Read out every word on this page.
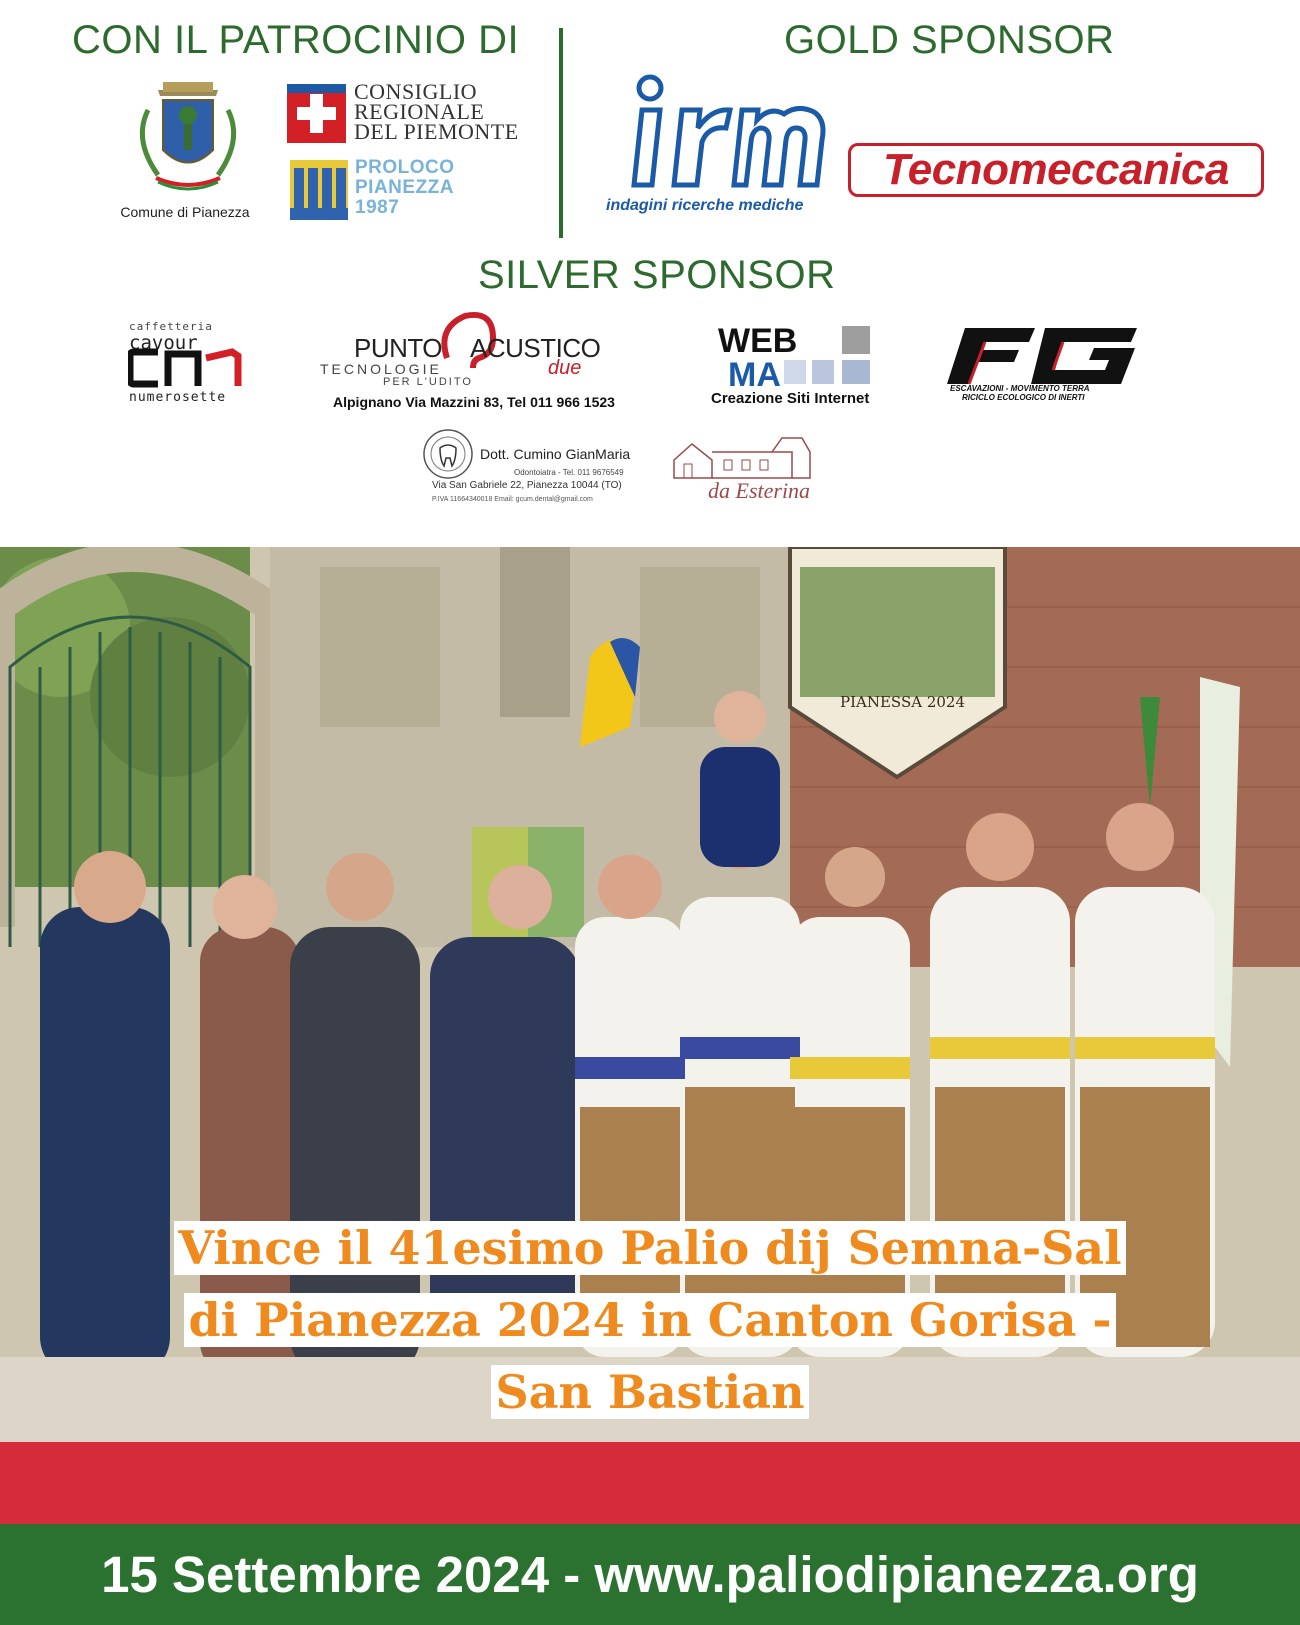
CON IL PATROCINIO DI	GOLD SPONSOR
SILVER SPONSOR
Comune di Pianezza
CONSIGLIO
REGIONALE
DEL PIEMONTE
PROLOCO
PIANEZZA
1987	indagini ricerche mediche
Tecnomeccanica
caffetteria
cavour
numerosette
PUNTO ACUSTICO
due
TECNOLOGIE
PER L'UDITO
Alpignano Via Mazzini 83, Tel 011 966 1523
WEB
MA
Creazione Siti Internet
ESCAVAZIONI - MOVIMENTO TERRA
RICICLO ECOLOGICO DI INERTI
Dott. Cumino GianMaria
Odontoiatra - Tel. 011 9676549
Via San Gabriele 22, Pianezza 10044 (TO)
P.IVA 11664340018 Email: gcum.dental@gmail.com	da Esterina
PIANESSA 2024
Vince il 41esimo Palio dij Semna-Sal
di Pianezza 2024 in Canton Gorisa -
San Bastian
15 Settembre 2024 - www.paliodipianezza.org
